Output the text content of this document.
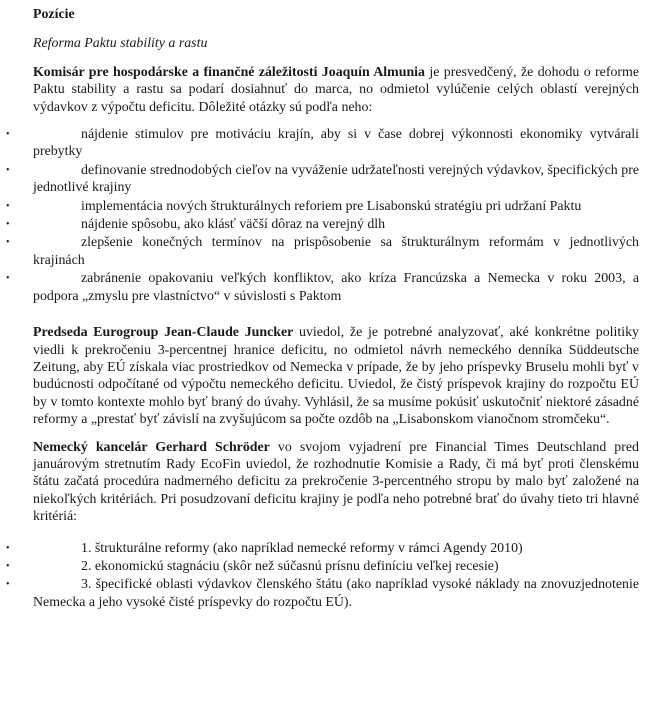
Pozície
Reforma Paktu stability a rastu

Komisár pre hospodárske a finančné záležitosti Joaquín Almunia je presvedčený, že dohodu o reforme Paktu stability a rastu sa podarí dosiahnuť do marca, no odmietol vylúčenie celých oblastí verejných výdavkov z výpočtu deficitu. Dôležité otázky sú podľa neho:

•	nájdenie stimulov pre motiváciu krajín, aby si v čase dobrej výkonnosti ekonomiky vytvárali prebytky
•	definovanie strednodobých cieľov na vyváženie udržateľnosti verejných výdavkov, špecifických pre jednotlivé krajiny
•	implementácia nových štrukturálnych reforiem pre Lisabonskú stratégiu pri udržaní Paktu
•	nájdenie spôsobu, ako klásť väčší dôraz na verejný dlh
•	zlepšenie konečných termínov na prispôsobenie sa štrukturálnym reformám v jednotlivých krajinách
•	zabránenie opakovaniu veľkých konfliktov, ako kríza Francúzska a Nemecka v roku 2003, a podpora „zmyslu pre vlastníctvo“ v súvislosti s Paktom

Predseda Eurogroup Jean-Claude Juncker uviedol, že je potrebné analyzovať, aké konkrétne politiky viedli k prekročeniu 3-percentnej hranice deficitu, no odmietol návrh nemeckého denníka Süddeutsche Zeitung, aby EÚ získala viac prostriedkov od Nemecka v prípade, že by jeho príspevky Bruselu mohli byť v budúcnosti odpočítané od výpočtu nemeckého deficitu. Uviedol, že čistý príspevok krajiny do rozpočtu EÚ by v tomto kontexte mohlo byť braný do úvahy. Vyhlásil, že sa musíme pokúsiť uskutočniť niektoré zásadné reformy a „prestať byť závislí na zvyšujúcom sa počte ozdôb na „Lisabonskom vianočnom stromčeku“.

Nemecký kancelár Gerhard Schröder vo svojom vyjadrení pre Financial Times Deutschland pred januárovým stretnutím Rady EcoFin uviedol, že rozhodnutie Komisie a Rady, či má byť proti členskému štátu začatá procedúra nadmerného deficitu za prekročenie 3-percentného stropu by malo byť založené na niekoľkých kritériách. Pri posudzovaní deficitu krajiny je podľa neho potrebné brať do úvahy tieto tri hlavné kritériá:

•	1. štrukturálne reformy (ako napríklad nemecké reformy v rámci Agendy 2010)
•	2. ekonomickú stagnáciu (skôr než súčasnú prísnu definíciu veľkej recesie)
•	3. špecifické oblasti výdavkov členského štátu (ako napríklad vysoké náklady na znovuzjednotenie Nemecka a jeho vysoké čisté príspevky do rozpočtu EÚ).
